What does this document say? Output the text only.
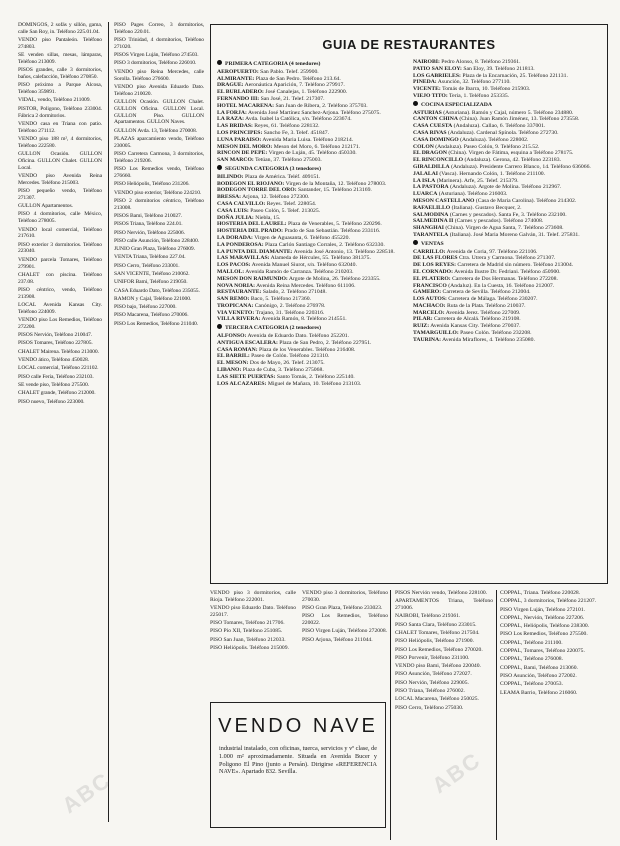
DOMINGOS, 2 sofás y sillón, gama, calle San Roy, in. Teléfono 225.01.04.
VENDO piso Pantaleón. Teléfono 274803.
SE venden sillas, mesas, lámparas, Teléfono 213009.
PISOS grandes, calle 3 dormitorios, baños, calefacción, Teléfono 270850.
PISO próximo a Parque Alcosa, Teléfono 359891.
VIDAL, vendo, Teléfono 211009.
PISTOR, Poligono, Teléfono 233004. Fábrica 2 dormitorios.
VENDO casa en Triana con patio. Teléfono 271112.
VENDO piso 188 m², 4 dormitorios, Teléfono 222580.
GULLON Ocasión. GULLON Oficina. GULLON Chalet. GULLON Local.
VENDO piso Avenida Reina Mercedes. Teléfono 215003.
PISO pequeño vendo, Teléfono 271307.
GULLON Apartamentos.
PISO 4 dormitorios, calle México, Teléfono 278005.
VENDO local comercial, Teléfono 217610.
PISO exterior 3 dormitorios. Teléfono 223040.
VENDO parcela Tomares, Teléfono 279901.
CHALET con piscina. Teléfono 237.08.
PISO céntrico, vendo, Teléfono 213908.
LOCAL Avenida Kansas City. Teléfono 224009.
VENDO piso Los Remedios, Teléfono 272200.
PISOS Nervión, Teléfono 210047.
PISOS Tomares, Teléfono 227805.
CHALET Mairena. Teléfono 213000.
VENDO ático, Teléfono 450028.
LOCAL comercial, Teléfono 221102.
PISO calle Feria, Teléfono 232103.
SE vende piso, Teléfono 275500.
CHALET grande, Teléfono 212000.
PISO nuevo, Teléfono 223000.
PISO Pages Correo, 3 dormitorios, Teléfono 220.01.
PISO Trinidad, 4 dormitorios, Teléfono 271020.
PISOS Virgen Luján, Teléfono 274503.
PISO 3 dormitorios, Teléfono 226010.
VENDO piso Reina Mercedes, calle Sorolla. Teléfono 276600.
VENDO piso Avenida Eduardo Dato. Teléfono 210020.
GULLON Ocasión. GULLON Chalet. GULLON Oficina. GULLON Local. GULLON Piso. GULLON Apartamentos. GULLON Naves.
GULLON Avda. 13, Teléfono 270008.
PLAZAS aparcamiento vendo, Teléfono 230005.
PISO Carretera Carmona, 3 dormitorios, Teléfono 219206.
PISO Los Remedios vendo, Teléfono 276660.
PISO Heliópolis, Teléfono 231206.
VENDO piso exterior, Teléfono 224210.
PISO 2 dormitorios céntrico, Teléfono 213008.
PISOS Bami, Teléfono 210027.
PISOS Triana, Teléfono 224.01.
PISO Nervión, Teléfono 225006.
PISO calle Asunción, Teléfono 228400.
JUNIO Gran Plaza, Teléfono 276009.
VENTA Triana, Teléfono 227.04.
PISO Cerro, Teléfono 233001.
SAN VICENTE, Teléfono 210062.
UNIFOR Bami, Teléfono 219050.
CASA Eduardo Dato, Teléfono 235055.
RAMON y Cajal, Teléfono 221000.
PISO bajo, Teléfono 227000.
PISO Macarena, Teléfono 270006.
PISO Los Remedios, Teléfono 211040.
GUIA DE RESTAURANTES
PRIMERA CATEGORIA (4 tenedores)
AEROPUERTO: San Pablo. Telef. 259900.
ALMIRANTE: Plaza de San Pedro. Teléfono 213.64.
DRAGUE: Aeronáutica Aparición, 7. Teléfono 279917.
EL BURLADERO: José Canalejas, 1. Teléfono 222900.
FERNANDO III: San José, 21. Telef. 217307.
HOTEL MACARENA: San Juan de Ribera, 2. Teléfono 375703.
LA FORJA: Avenida José Martínez Sanchez-Arjona. Teléfono 275075.
LA RAZA: Avda. Isabel la Católica, s/n. Teléfono 223674.
LAS BRIDAS: Reyes, 61. Teléfono 228132.
LOS PRINCIPES: Sancho Fe, 3. Telef. 451847.
LUNA PARAISO: Avenida Maria Luisa. Teléfono 218214.
MESON DEL MORO: Meson del Moro, 6. Teléfono 212171.
RINCON DE PEPE: Virgen de Luján, 45. Teléfono 450330.
SAN MARCO: Tetúan, 37. Teléfono 275003.
SEGUNDA CATEGORIA (3 tenedores)
BILINDO: Plaza de América. Teléf. 409151.
BODEGON EL RIOJANO: Virgen de la Montaña, 12. Teléfono 278003.
BODEGON TORRE DEL ORO: Santander, 15. Teléfono 213169.
BRESSA: Arjona, 12. Teléfono 272300.
CASA CALVILLO: Reyes. Telef. 228054.
CASA LUIS: Paseo Colón, 5. Telef. 213025.
DOÑA JULIA: Niebla, 15.
HOSTERIA DEL LAUREL: Plaza de Venerables, 5. Teléfono 220296.
HOSTERIA DEL PRADO: Prado de San Sebastián. Teléfono 233116.
LA DORADA: Virgen de Aguasanta, 6. Teléfono 455220.
LA PONDEROSA: Plaza Carlón Santiago Corrales, 2. Teléfono 632330.
LA PUNTA DEL DIAMANTE: Avenida José Antonio, 13. Teléfono 228518.
LAS MARAVILLAS: Alameda de Hércules, 55. Teléfono 381375.
LOS PACOS: Avenida Manuel Siurot, s/n. Teléfono 632040.
MALLOL: Avenida Ramón de Carranza. Teléfono 210203.
MESON DON RAIMUNDO: Argote de Molina, 26. Teléfono 223355.
NOVA NORIA: Avenida Reina Mercedes. Teléfono 611106.
RESTAURANTE: Salado, 2. Teléfono 271048.
SAN REMO: Baco, 5. Teléfono 217360.
TROPICANA: Canónigo, 2. Teléfono 276978.
VIA VENETO: Trajano, 31. Teléfono 220316.
VILLA RIVERA: Avenida Ramón, 8. Teléfono 214551.
TERCERA CATEGORIA (2 tenedores)
ALFONSO: Avenida de Eduardo Dato. Teléfono 252201.
ANTIGUA ESCALERA: Plaza de San Pedro, 2. Teléfono 227951.
CASA ROMAN: Plaza de los Venerables. Teléfono 216408.
EL BARRIL: Paseo de Colón. Teléfono 221310.
EL MESON: Dos de Mayo, 26. Telef. 213075.
LIBANO: Plaza de Cuba, 3. Teléfono 275068.
LAS SIETE PUERTAS: Santo Tomás, 2. Teléfono 225140.
LOS ALCAZARES: Miguel de Mañara, 10. Teléfono 213103.
NAIROBI: Pedro Alonso, 8. Teléfono 219361.
PATIO SAN ELOY: San Eloy, 39. Teléfono 211813.
LOS GABRIELES: Plaza de la Encarnación, 25. Teléfono 221131.
PINEDA: Asunción, 32. Teléfono 277110.
VICENTE: Tomás de Ibarra, 10. Teléfono 215903.
VIEJO TITO: Teria, 1. Teléfono 253335.
COCINA ESPECIALIZADA
ASTURIAS (Asturiana). Ramón y Cajal, número 5. Teléfono 234880.
CANTON CHINA (China). Juan Ramón Jiménez, 13. Teléfono 273558.
CASA CUESTA (Andaluza). Callao, 6. Teléfono 337001.
CASA RIVAS (Andaluza). Cardenal Spínola. Teléfono 272730.
CASA DOMINGO (Andaluza). Teléfono 228002.
COLON (Andaluza). Paseo Colón, 9. Teléfono 215.52.
EL DRAGON (China). Virgen de Fátima, esquina a Teléfono 278175.
EL RINCONCILLO (Andaluza). Gerona, 42. Teléfono 223183.
GIRALDILLA (Andaluza). Presidente Carrero Blanco, 14. Teléfono 636066.
JALALAI (Vasca). Hernando Colón, 1. Teléfono 211100.
LA ISLA (Marinera). Arfe, 25. Telef. 215379.
LA PASTORA (Andaluza). Argote de Molina. Teléfono 212967.
LUARCA (Asturiana). Teléfono 216003.
MESON CASTELLANO (Casa de Maria Carolina). Teléfono 214302.
RAFAELILLO (Italiana). Gustavo Becquer, 2.
SALMODINA (Carnes y pescados). Santa Fe, 3. Teléfono 232100.
SALMEDINA II (Carnes y pescados). Teléfono 274008.
SHANGHAI (China). Virgen de Agua Santa, 7. Teléfono 273608.
TARANTELA (Italiana). José Maria Moreno Galván, 31. Telef. 275831.
VENTAS
CARRILLO: Avenida de Coria, 97. Teléfono 221106.
DE LAS FLORES Ctra. Utrera y Carmona. Teléfono 271307.
DE LOS REYES: Carretera de Madrid sin número. Teléfono 213004.
EL CORNADO: Avenida Ilustre Dr. Fedriani. Teléfono 450900.
EL PLATERO: Carretera de Dos Hermanas. Teléfono 272208.
FRANCISCO (Andaluz). En la Cuesta, 16. Teléfono 212007.
GAMERO: Carretera de Sevilla. Teléfono 212004.
LOS AUTOS: Carretera de Málaga. Teléfono 230207.
MACHACO: Ruta de la Plata. Teléfono 210037.
MARCELO: Avenida Jerez. Teléfono 227009.
PILAR: Carretera de Alcalá. Teléfono 219108.
RUIZ: Avenida Kansas City. Teléfono 270037.
TAMARGUILLO: Paseo Colón. Teléfono 232208.
TAURINA: Avenida Miraflores, 4. Teléfono 235080.
VENDO piso 3 dormitorios, calle Rioja. Teléfono 222001.
VENDO piso Eduardo Dato. Teléfono 225017.
PISO Tomares, Teléfono 217706.
PISO Pío XII, Teléfono 251085.
PISO San Juan, Teléfono 212033.
PISO Heliópolis. Teléfono 215009.
VENDO piso 3 dormitorios, Teléfono 270030.
PISO Gran Plaza, Teléfono 233023.
PISO Los Remedios, Teléfono 220022.
PISO Virgen Luján, Teléfono 272008.
PISO Arjona, Teléfono 211044.
PISOS Nervión vendo, Teléfono 228100.
APARTAMENTOS Triana, Teléfono 271006.
NAIROBI, Teléfono 219361.
PISO Santa Clara, Teléfono 233015.
CHALET Tomares, Teléfono 217504.
PISO Heliópolis, Teléfono 271900.
PISO Los Remedios, Teléfono 270020.
PISO Porvenir, Teléfono 231100.
VENDO piso Bami, Teléfono 220040.
PISO Asunción, Teléfono 272027.
PISO Nervión, Teléfono 229005.
PISO Triana, Teléfono 276002.
LOCAL Macarena, Teléfono 250025.
PISO Cerro, Teléfono 275030.
COPPAL, Triana. Teléfono 220028.
COPPAL, 3 dormitorios, Teléfono 221207.
PISO Virgen Luján, Teléfono 272101.
COPPAL, Nervión, Teléfono 227206.
COPPAL, Heliópolis, Teléfono 238300.
PISO Los Remedios, Teléfono 275500.
COPPAL, Teléfono 211100.
COPPAL, Tomares, Teléfono 220075.
COPPAL, Teléfono 276008.
COPPAL, Bami, Teléfono 213060.
PISO Asunción, Teléfono 272002.
COPPAL, Teléfono 270053.
LEAMA Barrio, Teléfono 216060.
VENDO NAVE
industrial instalado, con oficinas, tuerca, servicios y vº clase, de 1.000 m² aproximadamente. Situada en Avenida Bucer y Poligono El Pino (junto a Persán). Dirigirse «REFERENCIA NAVE». Apartado 832. Sevilla.	ABC
ABC
